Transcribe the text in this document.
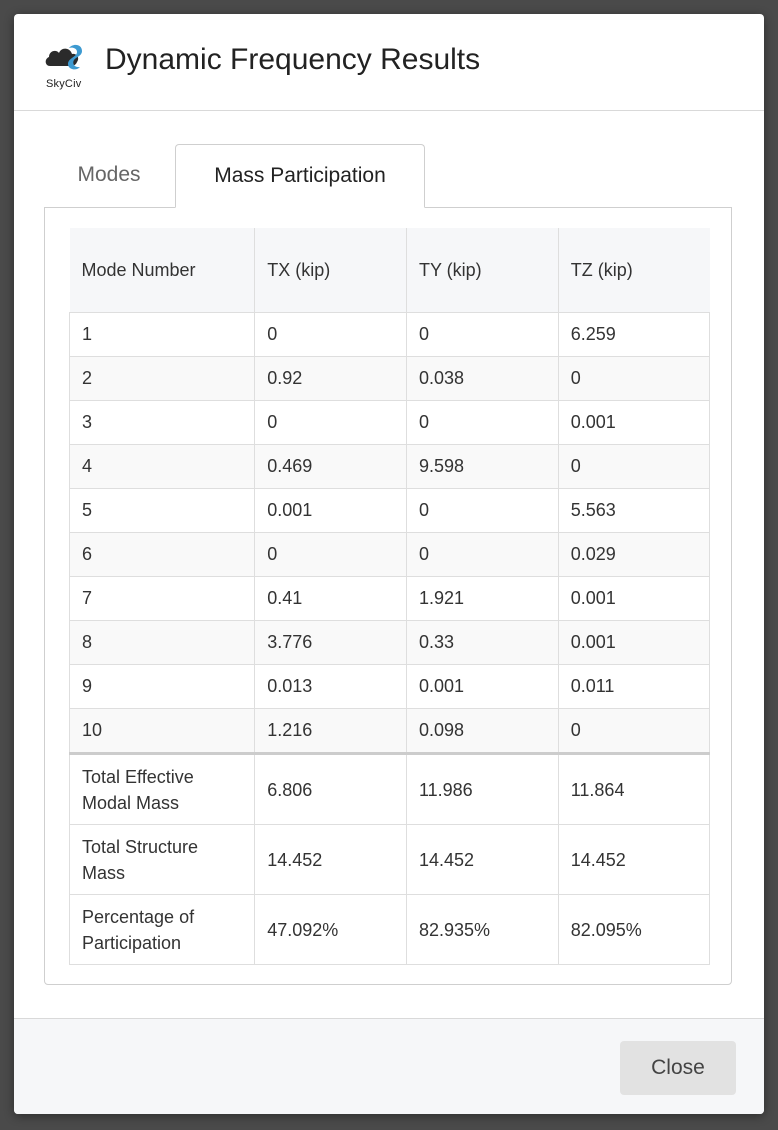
SkyCiv
Dynamic Frequency Results
Modes	Mass Participation
Mode Number	TX (kip)	TY (kip)	TZ (kip)
1	0	0	6.259
2	0.92	0.038	0
3	0	0	0.001
4	0.469	9.598	0
5	0.001	0	5.563
6	0	0	0.029
7	0.41	1.921	0.001
8	3.776	0.33	0.001
9	0.013	0.001	0.011
10	1.216	0.098	0
Total Effective Modal Mass	6.806	11.986	11.864
Total Structure Mass	14.452	14.452	14.452
Percentage of Participation	47.092%	82.935%	82.095%
Close
